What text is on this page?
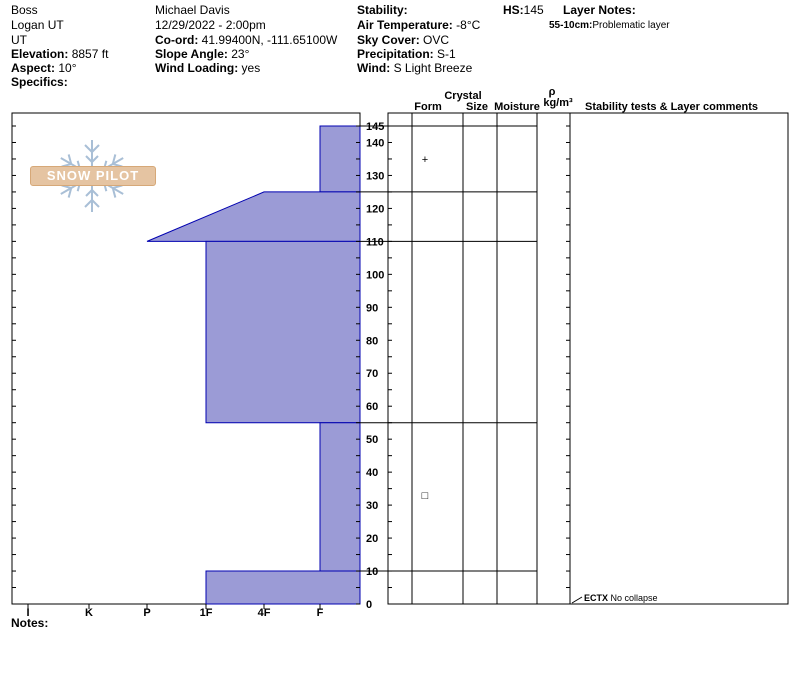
Boss
Logan UT
UT
Elevation: 8857 ft
Aspect: 10°
Specifics:
Michael Davis
12/29/2022 - 2:00pm
Co-ord: 41.99400N, -111.65100W
Slope Angle: 23°
Wind Loading: yes
Stability:
Air Temperature: -8°C
Sky Cover: OVC
Precipitation: S-1
Wind: S Light Breeze
HS:145 Layer Notes:
55-10cm:Problematic layer
SNOW PILOT
I	K	P	1F	4F	F
0
10
20
30
40
50
60
70
80
90
100
110
120
130
140
145
+
□
Crystal
Form Size Moisture
ρ
kg/m³ Stability tests & Layer comments
ECTX No collapse
Notes:
